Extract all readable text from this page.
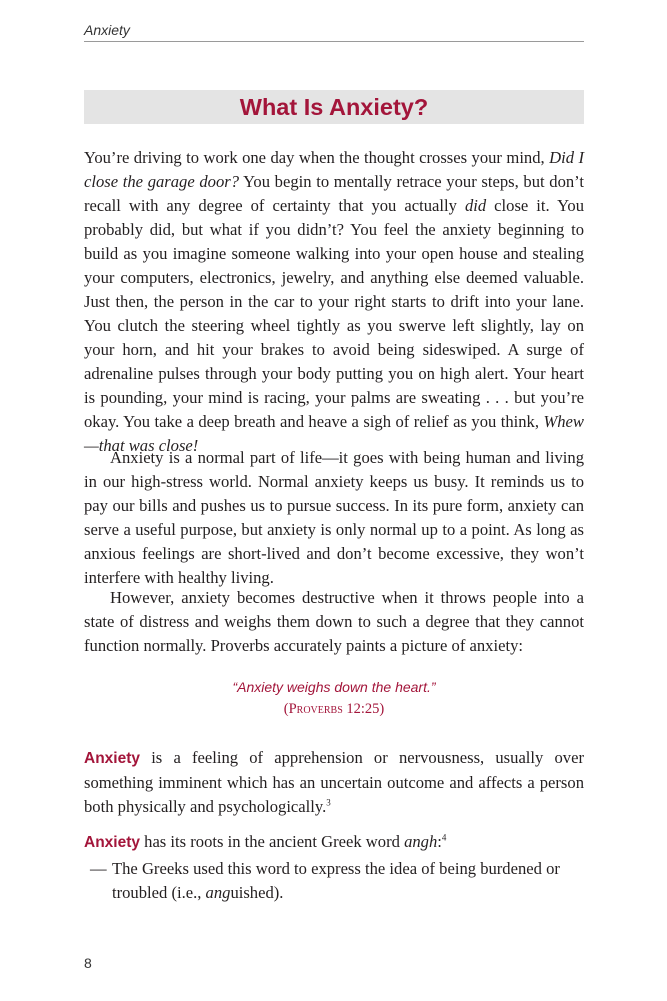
Anxiety
What Is Anxiety?

You’re driving to work one day when the thought crosses your mind, Did I close the garage door? You begin to mentally retrace your steps, but don’t recall with any degree of certainty that you actually did close it. You probably did, but what if you didn’t? You feel the anxiety beginning to build as you imagine someone walking into your open house and stealing your computers, electronics, jewelry, and anything else deemed valuable. Just then, the person in the car to your right starts to drift into your lane. You clutch the steering wheel tightly as you swerve left slightly, lay on your horn, and hit your brakes to avoid being sideswiped. A surge of adrenaline pulses through your body putting you on high alert. Your heart is pounding, your mind is racing, your palms are sweating . . . but you’re okay. You take a deep breath and heave a sigh of relief as you think, Whew—that was close!

Anxiety is a normal part of life—it goes with being human and living in our high-stress world. Normal anxiety keeps us busy. It reminds us to pay our bills and pushes us to pursue success. In its pure form, anxiety can serve a useful purpose, but anxiety is only normal up to a point. As long as anxious feelings are short-lived and don’t become excessive, they won’t interfere with healthy living.

However, anxiety becomes destructive when it throws people into a state of distress and weighs them down to such a degree that they cannot function normally. Proverbs accurately paints a picture of anxiety:

“Anxiety weighs down the heart.”
(Proverbs 12:25)

Anxiety is a feeling of apprehension or nervousness, usually over something imminent which has an uncertain outcome and affects a person both physically and psychologically.$^3$

Anxiety has its roots in the ancient Greek word angh:$^4$

— The Greeks used this word to express the idea of being burdened or troubled (i.e., anguished).
8
